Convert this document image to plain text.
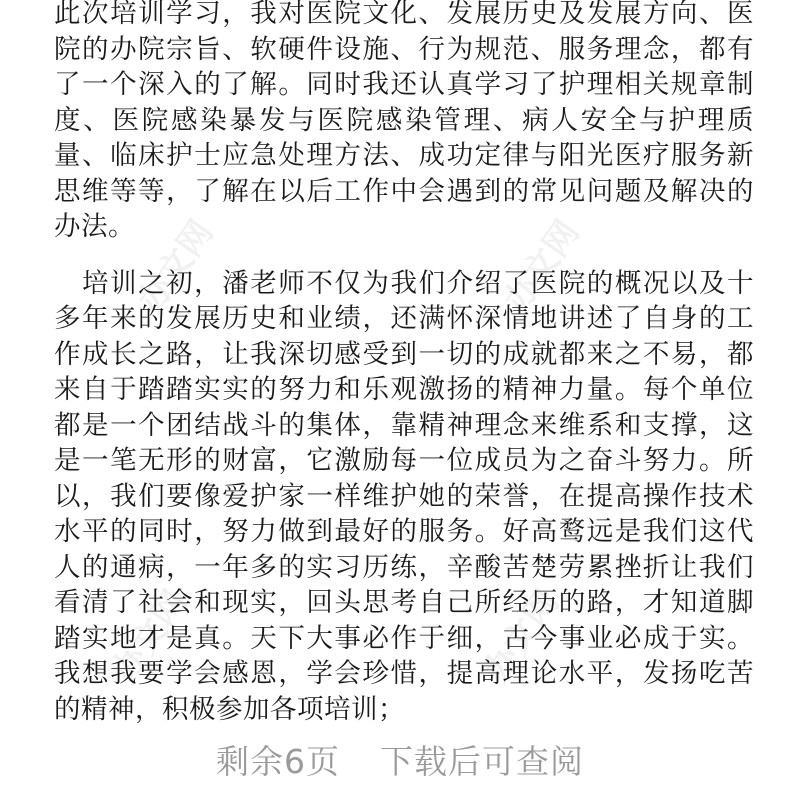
办文网	办文网
办文网	办文网

此次培训学习，我对医院文化、发展历史及发展方向、医院的办院宗旨、软硬件设施、行为规范、服务理念，都有了一个深入的了解。同时我还认真学习了护理相关规章制度、医院感染暴发与医院感染管理、病人安全与护理质量、临床护士应急处理方法、成功定律与阳光医疗服务新思维等等，了解在以后工作中会遇到的常见问题及解决的办法。

培训之初，潘老师不仅为我们介绍了医院的概况以及十多年来的发展历史和业绩，还满怀深情地讲述了自身的工作成长之路，让我深切感受到一切的成就都来之不易，都来自于踏踏实实的努力和乐观激扬的精神力量。每个单位都是一个团结战斗的集体，靠精神理念来维系和支撑，这是一笔无形的财富，它激励每一位成员为之奋斗努力。所以，我们要像爱护家一样维护她的荣誉，在提高操作技术水平的同时，努力做到最好的服务。好高鹜远是我们这代人的通病，一年多的实习历练，辛酸苦楚劳累挫折让我们看清了社会和现实，回头思考自己所经历的路，才知道脚踏实地才是真。天下大事必作于细，古今事业必成于实。我想我要学会感恩，学会珍惜，提高理论水平，发扬吃苦的精神，积极参加各项培训；

剩余6页 下载后可查阅
